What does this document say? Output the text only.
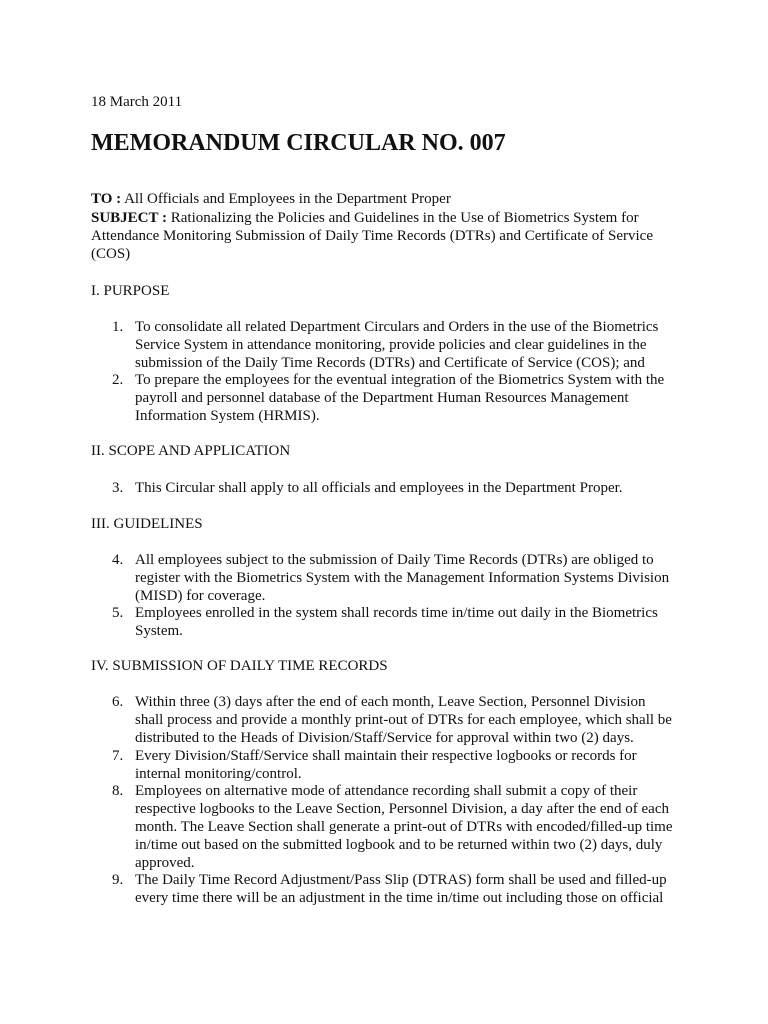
18 March 2011
MEMORANDUM CIRCULAR NO. 007
TO : All Officials and Employees in the Department Proper
SUBJECT : Rationalizing the Policies and Guidelines in the Use of Biometrics System for
Attendance Monitoring Submission of Daily Time Records (DTRs) and Certificate of Service
(COS)
I. PURPOSE
1. To consolidate all related Department Circulars and Orders in the use of the Biometrics
Service System in attendance monitoring, provide policies and clear guidelines in the
submission of the Daily Time Records (DTRs) and Certificate of Service (COS); and
2. To prepare the employees for the eventual integration of the Biometrics System with the
payroll and personnel database of the Department Human Resources Management
Information System (HRMIS).
II. SCOPE AND APPLICATION
3. This Circular shall apply to all officials and employees in the Department Proper.
III. GUIDELINES
4. All employees subject to the submission of Daily Time Records (DTRs) are obliged to
register with the Biometrics System with the Management Information Systems Division
(MISD) for coverage.
5. Employees enrolled in the system shall records time in/time out daily in the Biometrics
System.
IV. SUBMISSION OF DAILY TIME RECORDS
6. Within three (3) days after the end of each month, Leave Section, Personnel Division
shall process and provide a monthly print-out of DTRs for each employee, which shall be
distributed to the Heads of Division/Staff/Service for approval within two (2) days.
7. Every Division/Staff/Service shall maintain their respective logbooks or records for
internal monitoring/control.
8. Employees on alternative mode of attendance recording shall submit a copy of their
respective logbooks to the Leave Section, Personnel Division, a day after the end of each
month. The Leave Section shall generate a print-out of DTRs with encoded/filled-up time
in/time out based on the submitted logbook and to be returned within two (2) days, duly
approved.
9. The Daily Time Record Adjustment/Pass Slip (DTRAS) form shall be used and filled-up
every time there will be an adjustment in the time in/time out including those on official
